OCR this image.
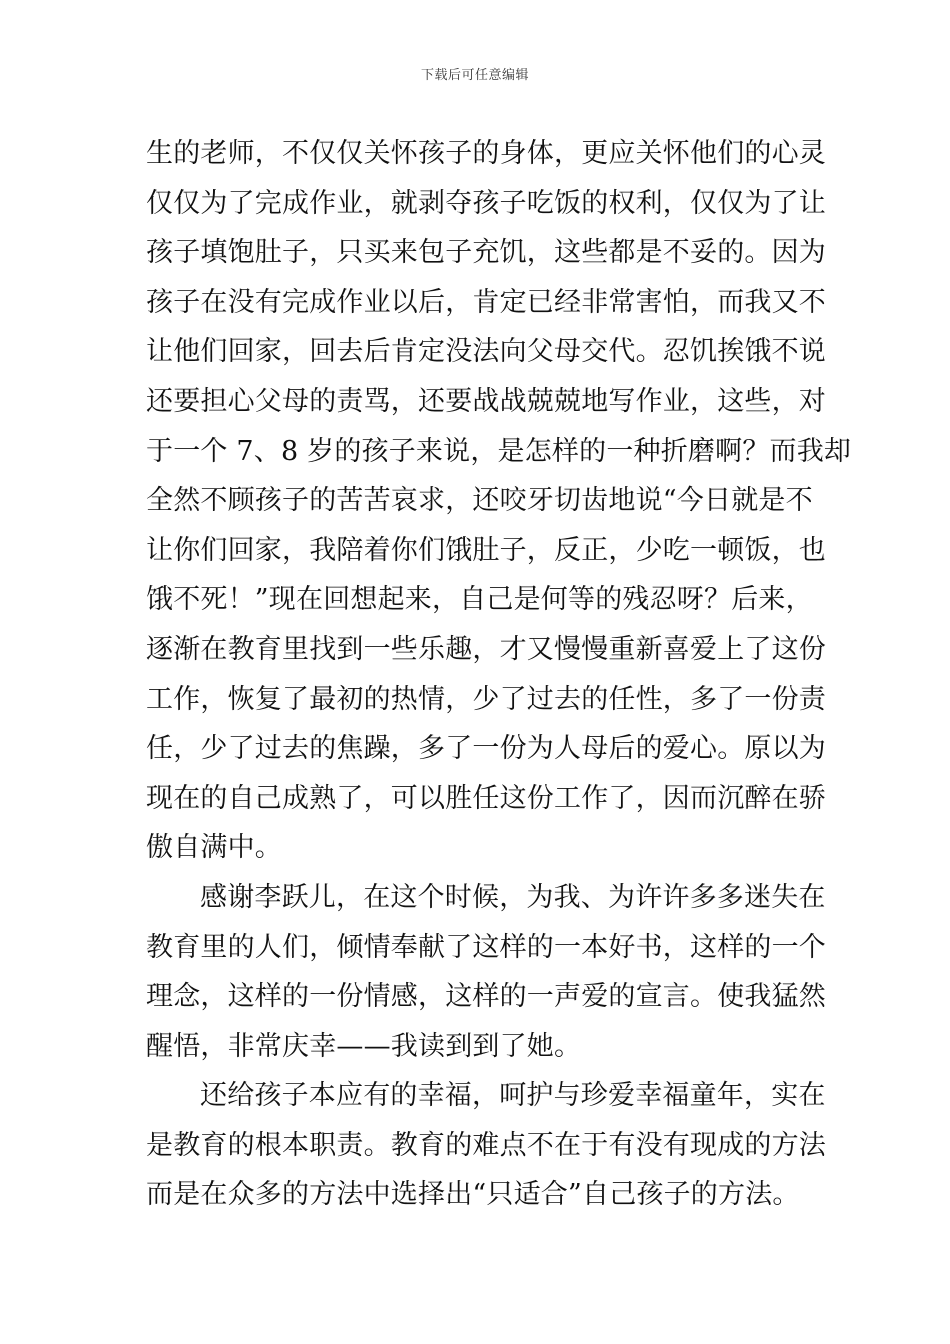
下载后可任意编辑
生的老师，不仅仅关怀孩子的身体，更应关怀他们的心灵
仅仅为了完成作业，就剥夺孩子吃饭的权利，仅仅为了让
孩子填饱肚子，只买来包子充饥，这些都是不妥的。因为
孩子在没有完成作业以后，肯定已经非常害怕，而我又不
让他们回家，回去后肯定没法向父母交代。忍饥挨饿不说
还要担心父母的责骂，还要战战兢兢地写作业，这些，对
于一个 7、8 岁的孩子来说，是怎样的一种折磨啊？而我却
全然不顾孩子的苦苦哀求，还咬牙切齿地说“今日就是不
让你们回家，我陪着你们饿肚子，反正，少吃一顿饭，也
饿不死！”现在回想起来，自己是何等的残忍呀？后来，
逐渐在教育里找到一些乐趣，才又慢慢重新喜爱上了这份
工作，恢复了最初的热情，少了过去的任性，多了一份责
任，少了过去的焦躁，多了一份为人母后的爱心。原以为
现在的自己成熟了，可以胜任这份工作了，因而沉醉在骄
傲自满中。
感谢李跃儿，在这个时候，为我、为许许多多迷失在
教育里的人们，倾情奉献了这样的一本好书，这样的一个
理念，这样的一份情感，这样的一声爱的宣言。使我猛然
醒悟，非常庆幸——我读到到了她。
还给孩子本应有的幸福，呵护与珍爱幸福童年，实在
是教育的根本职责。教育的难点不在于有没有现成的方法
而是在众多的方法中选择出“只适合”自己孩子的方法。
